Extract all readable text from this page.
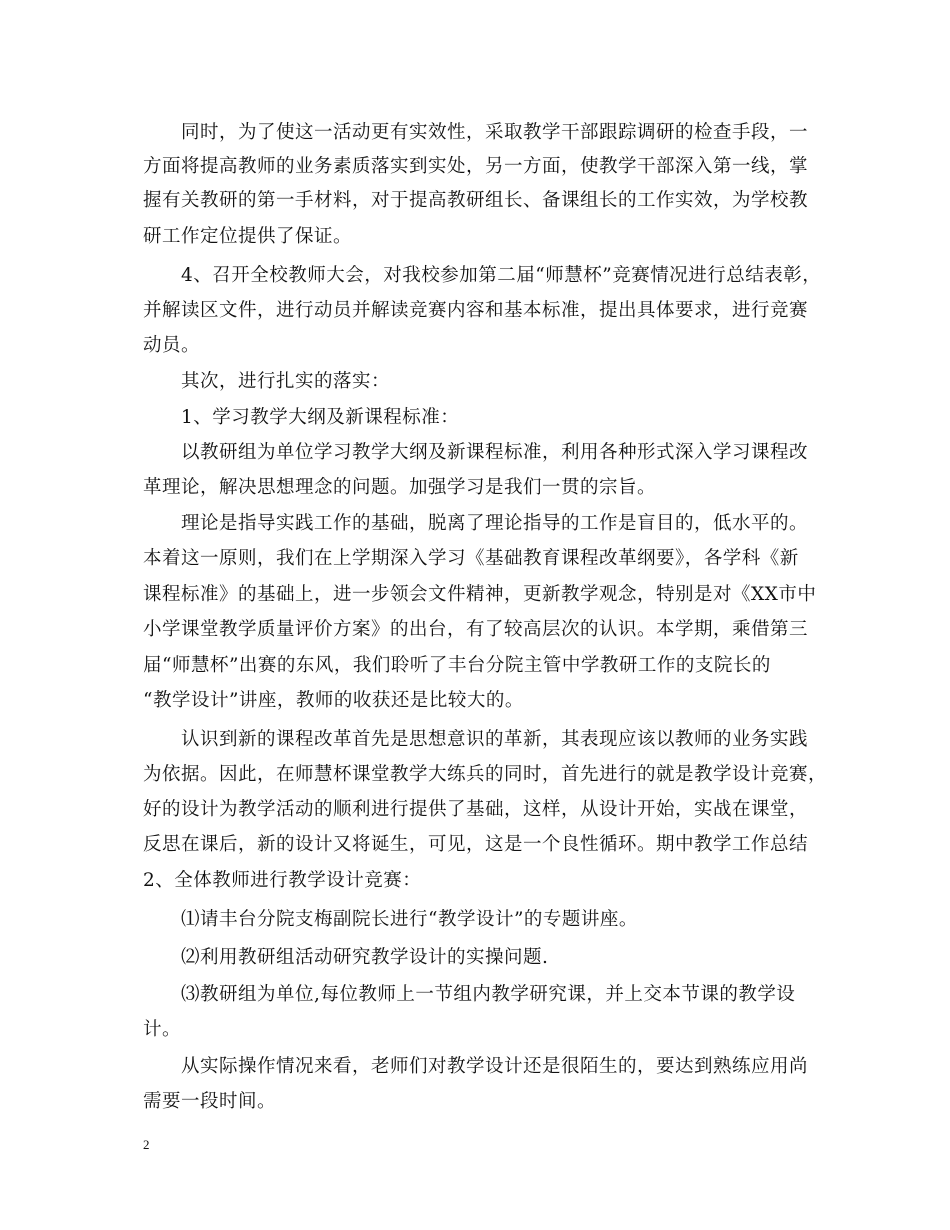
　　同时，为了使这一活动更有实效性，采取教学干部跟踪调研的检查手段，一
方面将提高教师的业务素质落实到实处，另一方面，使教学干部深入第一线，掌
握有关教研的第一手材料，对于提高教研组长、备课组长的工作实效，为学校教
研工作定位提供了保证。
　　4、召开全校教师大会，对我校参加第二届“师慧杯”竞赛情况进行总结表彰，
并解读区文件，进行动员并解读竞赛内容和基本标准，提出具体要求，进行竞赛
动员。
　　其次，进行扎实的落实：
　　1、学习教学大纲及新课程标准：
　　以教研组为单位学习教学大纲及新课程标准，利用各种形式深入学习课程改
革理论，解决思想理念的问题。加强学习是我们一贯的宗旨。
　　理论是指导实践工作的基础，脱离了理论指导的工作是盲目的，低水平的。
本着这一原则，我们在上学期深入学习《基础教育课程改革纲要》，各学科《新
课程标准》的基础上，进一步领会文件精神，更新教学观念，特别是对《XX市中
小学课堂教学质量评价方案》的出台，有了较高层次的认识。本学期，乘借第三
届“师慧杯”出赛的东风，我们聆听了丰台分院主管中学教研工作的支院长的
“教学设计”讲座，教师的收获还是比较大的。
　　认识到新的课程改革首先是思想意识的革新，其表现应该以教师的业务实践
为依据。因此，在师慧杯课堂教学大练兵的同时，首先进行的就是教学设计竞赛，
好的设计为教学活动的顺利进行提供了基础，这样，从设计开始，实战在课堂，
反思在课后，新的设计又将诞生，可见，这是一个良性循环。期中教学工作总结
2、全体教师进行教学设计竞赛：
　　⑴请丰台分院支梅副院长进行“教学设计”的专题讲座。
　　⑵利用教研组活动研究教学设计的实操问题.
　　⑶教研组为单位,每位教师上一节组内教学研究课，并上交本节课的教学设
计。
　　从实际操作情况来看，老师们对教学设计还是很陌生的，要达到熟练应用尚
需要一段时间。
2
